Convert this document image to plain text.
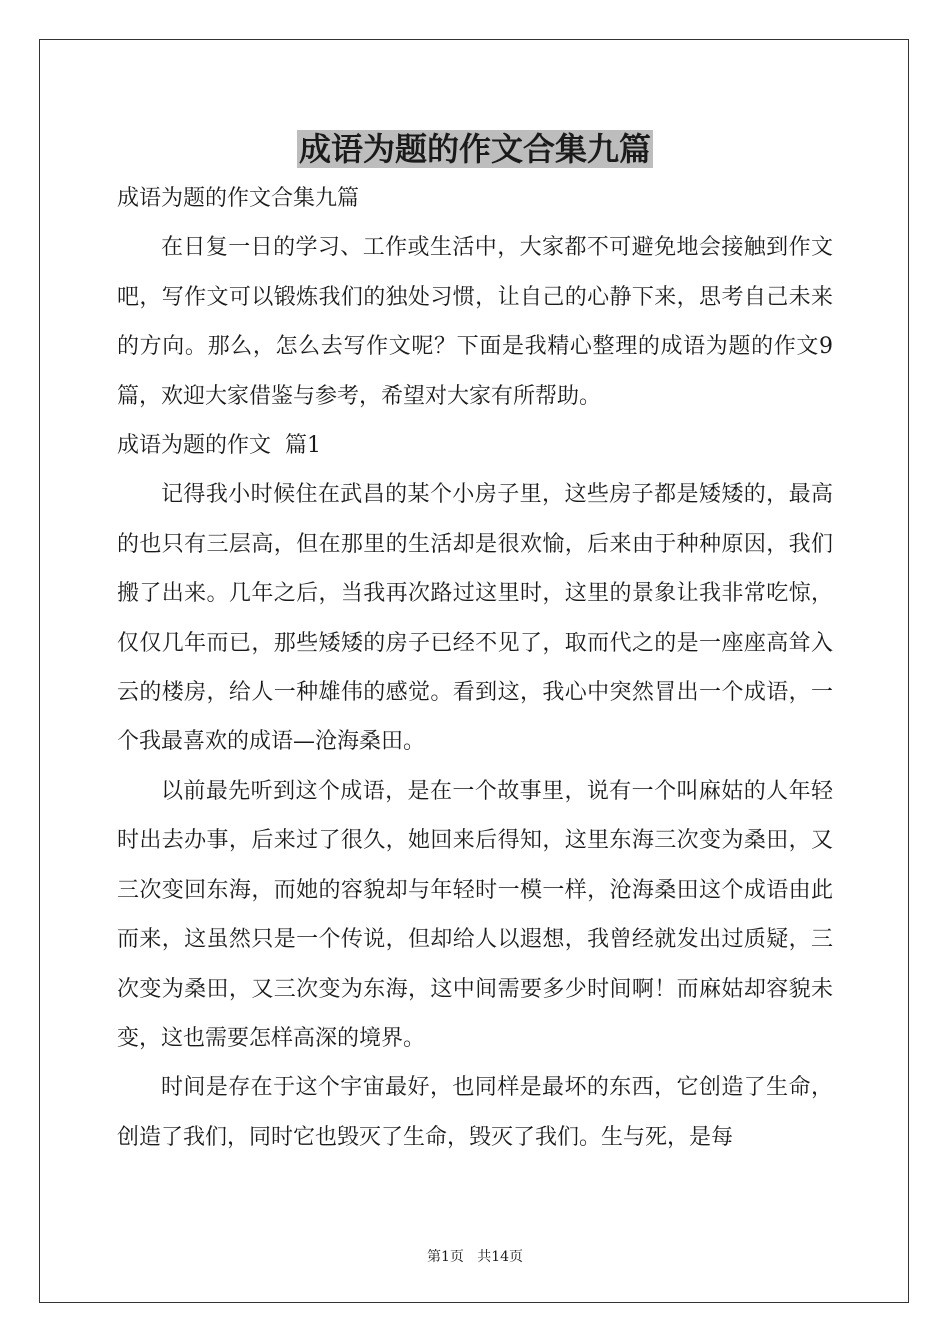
成语为题的作文合集九篇

成语为题的作文合集九篇

在日复一日的学习、工作或生活中，大家都不可避免地会接触到作文吧，写作文可以锻炼我们的独处习惯，让自己的心静下来，思考自己未来的方向。那么，怎么去写作文呢？下面是我精心整理的成语为题的作文9篇，欢迎大家借鉴与参考，希望对大家有所帮助。

成语为题的作文  篇1

记得我小时候住在武昌的某个小房子里，这些房子都是矮矮的，最高的也只有三层高，但在那里的生活却是很欢愉，后来由于种种原因，我们搬了出来。几年之后，当我再次路过这里时，这里的景象让我非常吃惊，仅仅几年而已，那些矮矮的房子已经不见了，取而代之的是一座座高耸入云的楼房，给人一种雄伟的感觉。看到这，我心中突然冒出一个成语，一个我最喜欢的成语—沧海桑田。

以前最先听到这个成语，是在一个故事里，说有一个叫麻姑的人年轻时出去办事，后来过了很久，她回来后得知，这里东海三次变为桑田，又三次变回东海，而她的容貌却与年轻时一模一样，沧海桑田这个成语由此而来，这虽然只是一个传说，但却给人以遐想，我曾经就发出过质疑，三次变为桑田，又三次变为东海，这中间需要多少时间啊！而麻姑却容貌未变，这也需要怎样高深的境界。

时间是存在于这个宇宙最好，也同样是最坏的东西，它创造了生命，创造了我们，同时它也毁灭了生命，毁灭了我们。生与死，是每

第1页   共14页
